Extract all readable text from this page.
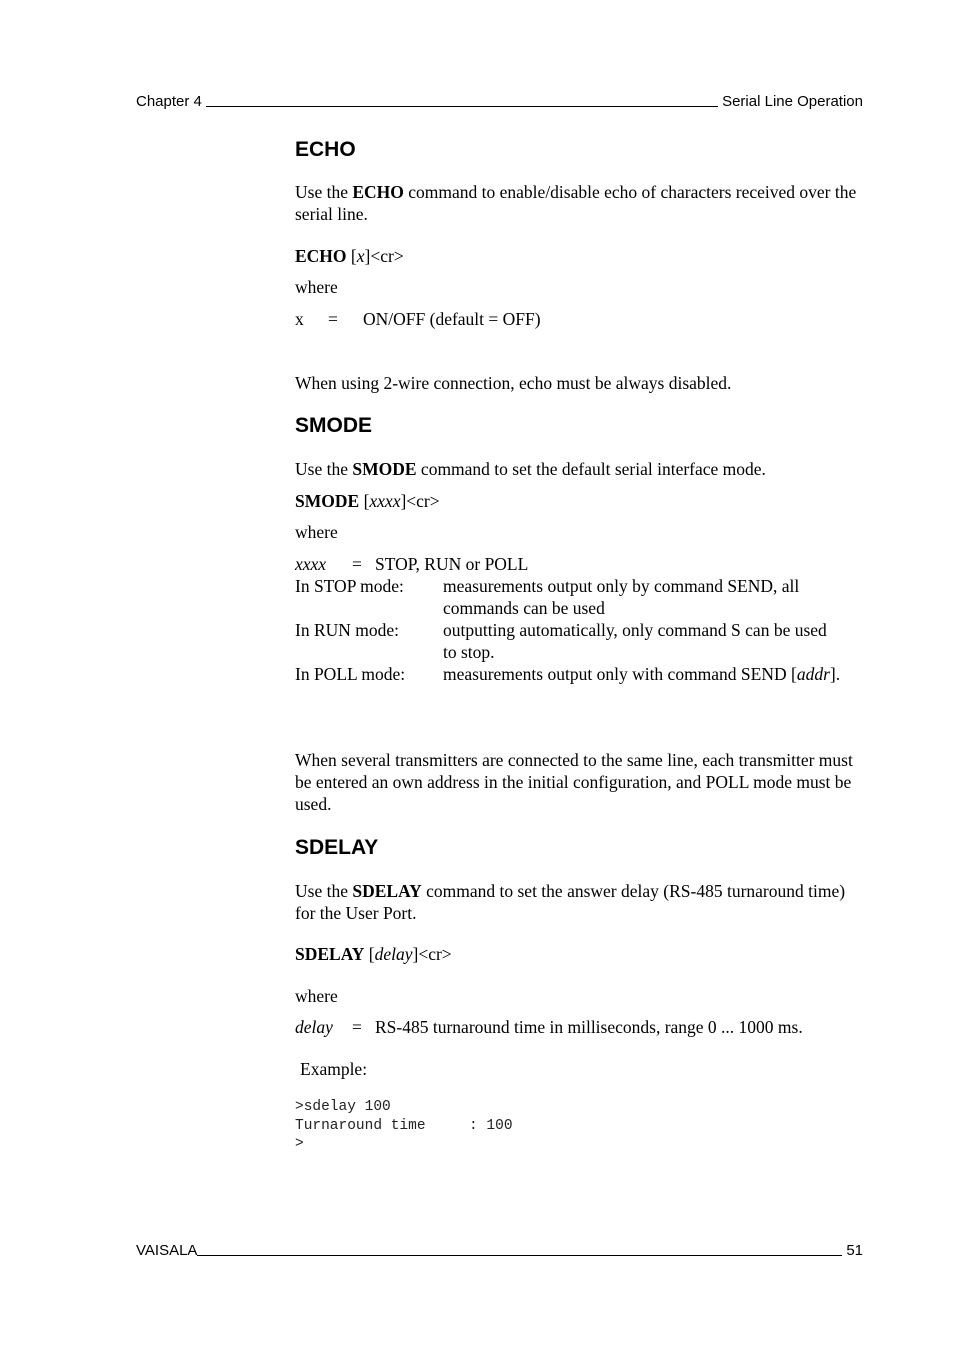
Chapter 4	Serial Line Operation
ECHO

Use the ECHO command to enable/disable echo of characters received over the serial line.

ECHO [x]<cr>

where

x = ON/OFF (default = OFF)

When using 2-wire connection, echo must be always disabled.

SMODE

Use the SMODE command to set the default serial interface mode.

SMODE [xxxx]<cr>

where

xxxx = STOP, RUN or POLL

In STOP mode:	measurements output only by command SEND, all commands can be used
In RUN mode:	outputting automatically, only command S can be used to stop.
In POLL mode:	measurements output only with command SEND [addr].

When several transmitters are connected to the same line, each transmitter must be entered an own address in the initial configuration, and POLL mode must be used.

SDELAY

Use the SDELAY command to set the answer delay (RS-485 turnaround time) for the User Port.

SDELAY [delay]<cr>

where

delay = RS-485 turnaround time in milliseconds, range 0 ... 1000 ms.

Example:

>sdelay 100
Turnaround time     : 100
>
VAISALA	51
